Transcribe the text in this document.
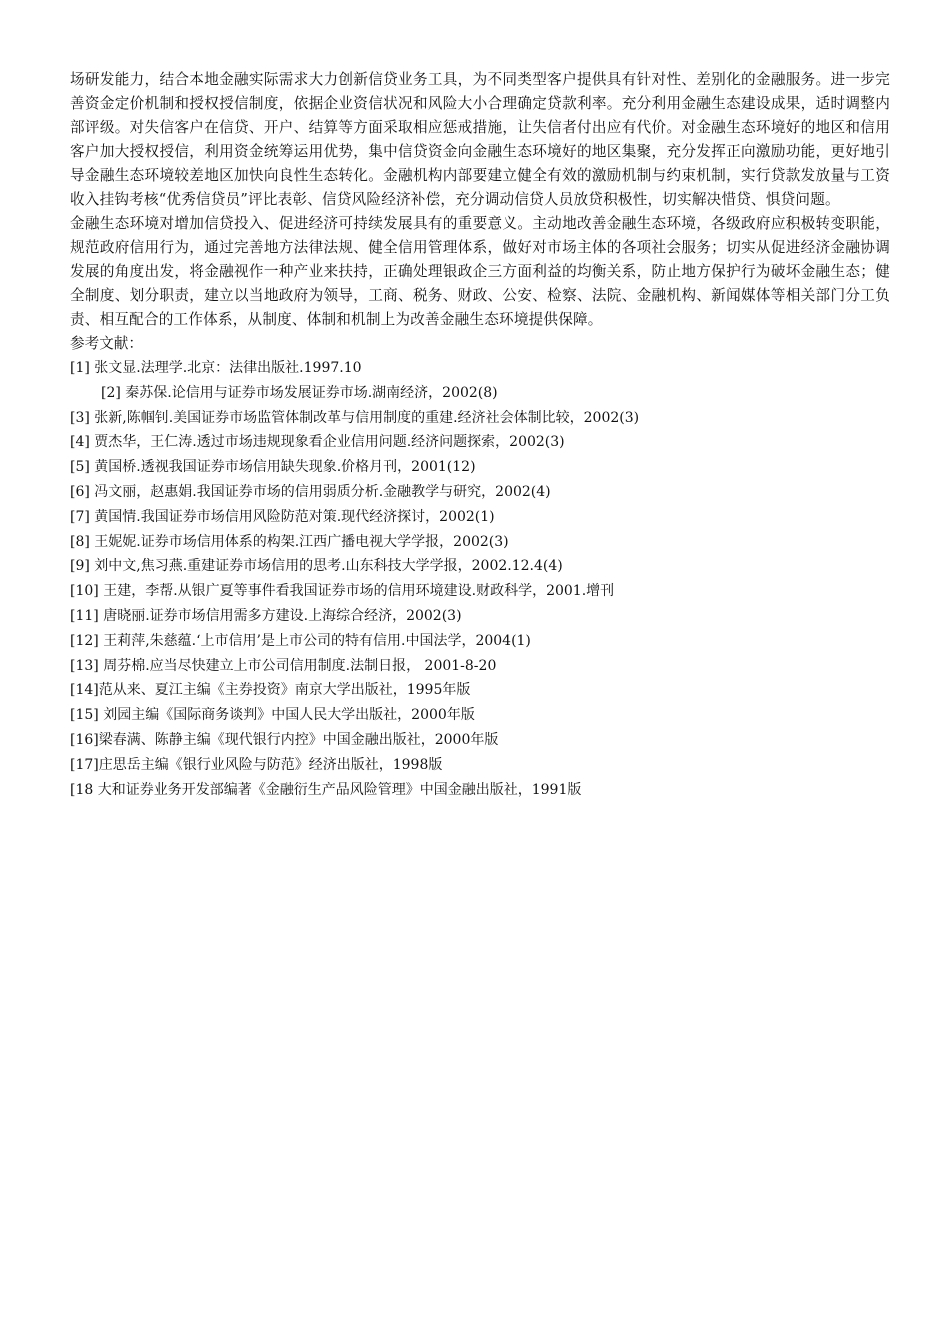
场研发能力，结合本地金融实际需求大力创新信贷业务工具，为不同类型客户提供具有针对性、差别化的金融服务。进一步完善资金定价机制和授权授信制度，依据企业资信状况和风险大小合理确定贷款利率。充分利用金融生态建设成果，适时调整内部评级。对失信客户在信贷、开户、结算等方面采取相应惩戒措施，让失信者付出应有代价。对金融生态环境好的地区和信用客户加大授权授信，利用资金统筹运用优势，集中信贷资金向金融生态环境好的地区集聚，充分发挥正向激励功能，更好地引导金融生态环境较差地区加快向良性生态转化。金融机构内部要建立健全有效的激励机制与约束机制，实行贷款发放量与工资收入挂钩考核“优秀信贷员”评比表彰、信贷风险经济补偿，充分调动信贷人员放贷积极性，切实解决惜贷、惧贷问题。

金融生态环境对增加信贷投入、促进经济可持续发展具有的重要意义。主动地改善金融生态环境，各级政府应积极转变职能，规范政府信用行为，通过完善地方法律法规、健全信用管理体系，做好对市场主体的各项社会服务；切实从促进经济金融协调发展的角度出发，将金融视作一种产业来扶持，正确处理银政企三方面利益的均衡关系，防止地方保护行为破坏金融生态；健全制度、划分职责，建立以当地政府为领导，工商、税务、财政、公安、检察、法院、金融机构、新闻媒体等相关部门分工负责、相互配合的工作体系，从制度、体制和机制上为改善金融生态环境提供保障。

参考文献：

[1] 张文显.法理学.北京：法律出版社.1997.10
[2] 秦苏保.论信用与证券市场发展证券市场.湖南经济，2002(8)
[3] 张新,陈帼钊.美国证券市场监管体制改革与信用制度的重建.经济社会体制比较，2002(3)
[4] 贾杰华，王仁涛.透过市场违规现象看企业信用问题.经济问题探索，2002(3)
[5] 黄国桥.透视我国证券市场信用缺失现象.价格月刊，2001(12)
[6] 冯文丽，赵惠娟.我国证券市场的信用弱质分析.金融教学与研究，2002(4)
[7] 黄国情.我国证券市场信用风险防范对策.现代经济探讨，2002(1)
[8] 王妮妮.证券市场信用体系的构架.江西广播电视大学学报，2002(3)
[9] 刘中文,焦习燕.重建证券市场信用的思考.山东科技大学学报，2002.12.4(4)
[10] 王建，李帮.从银广夏等事件看我国证券市场的信用环境建设.财政科学，2001.增刊
[11] 唐晓丽.证券市场信用需多方建设.上海综合经济，2002(3)
[12] 王莉萍,朱慈蕴.‘上市信用’是上市公司的特有信用.中国法学，2004(1)
[13] 周芬棉.应当尽快建立上市公司信用制度.法制日报， 2001-8-20
[14]范从来、夏江主编《主券投资》南京大学出版社，1995年版
[15] 刘园主编《国际商务谈判》中国人民大学出版社，2000年版
[16]梁春满、陈静主编《现代银行内控》中国金融出版社，2000年版
[17]庄思岳主编《银行业风险与防范》经济出版社，1998版
[18 大和证券业务开发部编著《金融衍生产品风险管理》中国金融出版社，1991版
